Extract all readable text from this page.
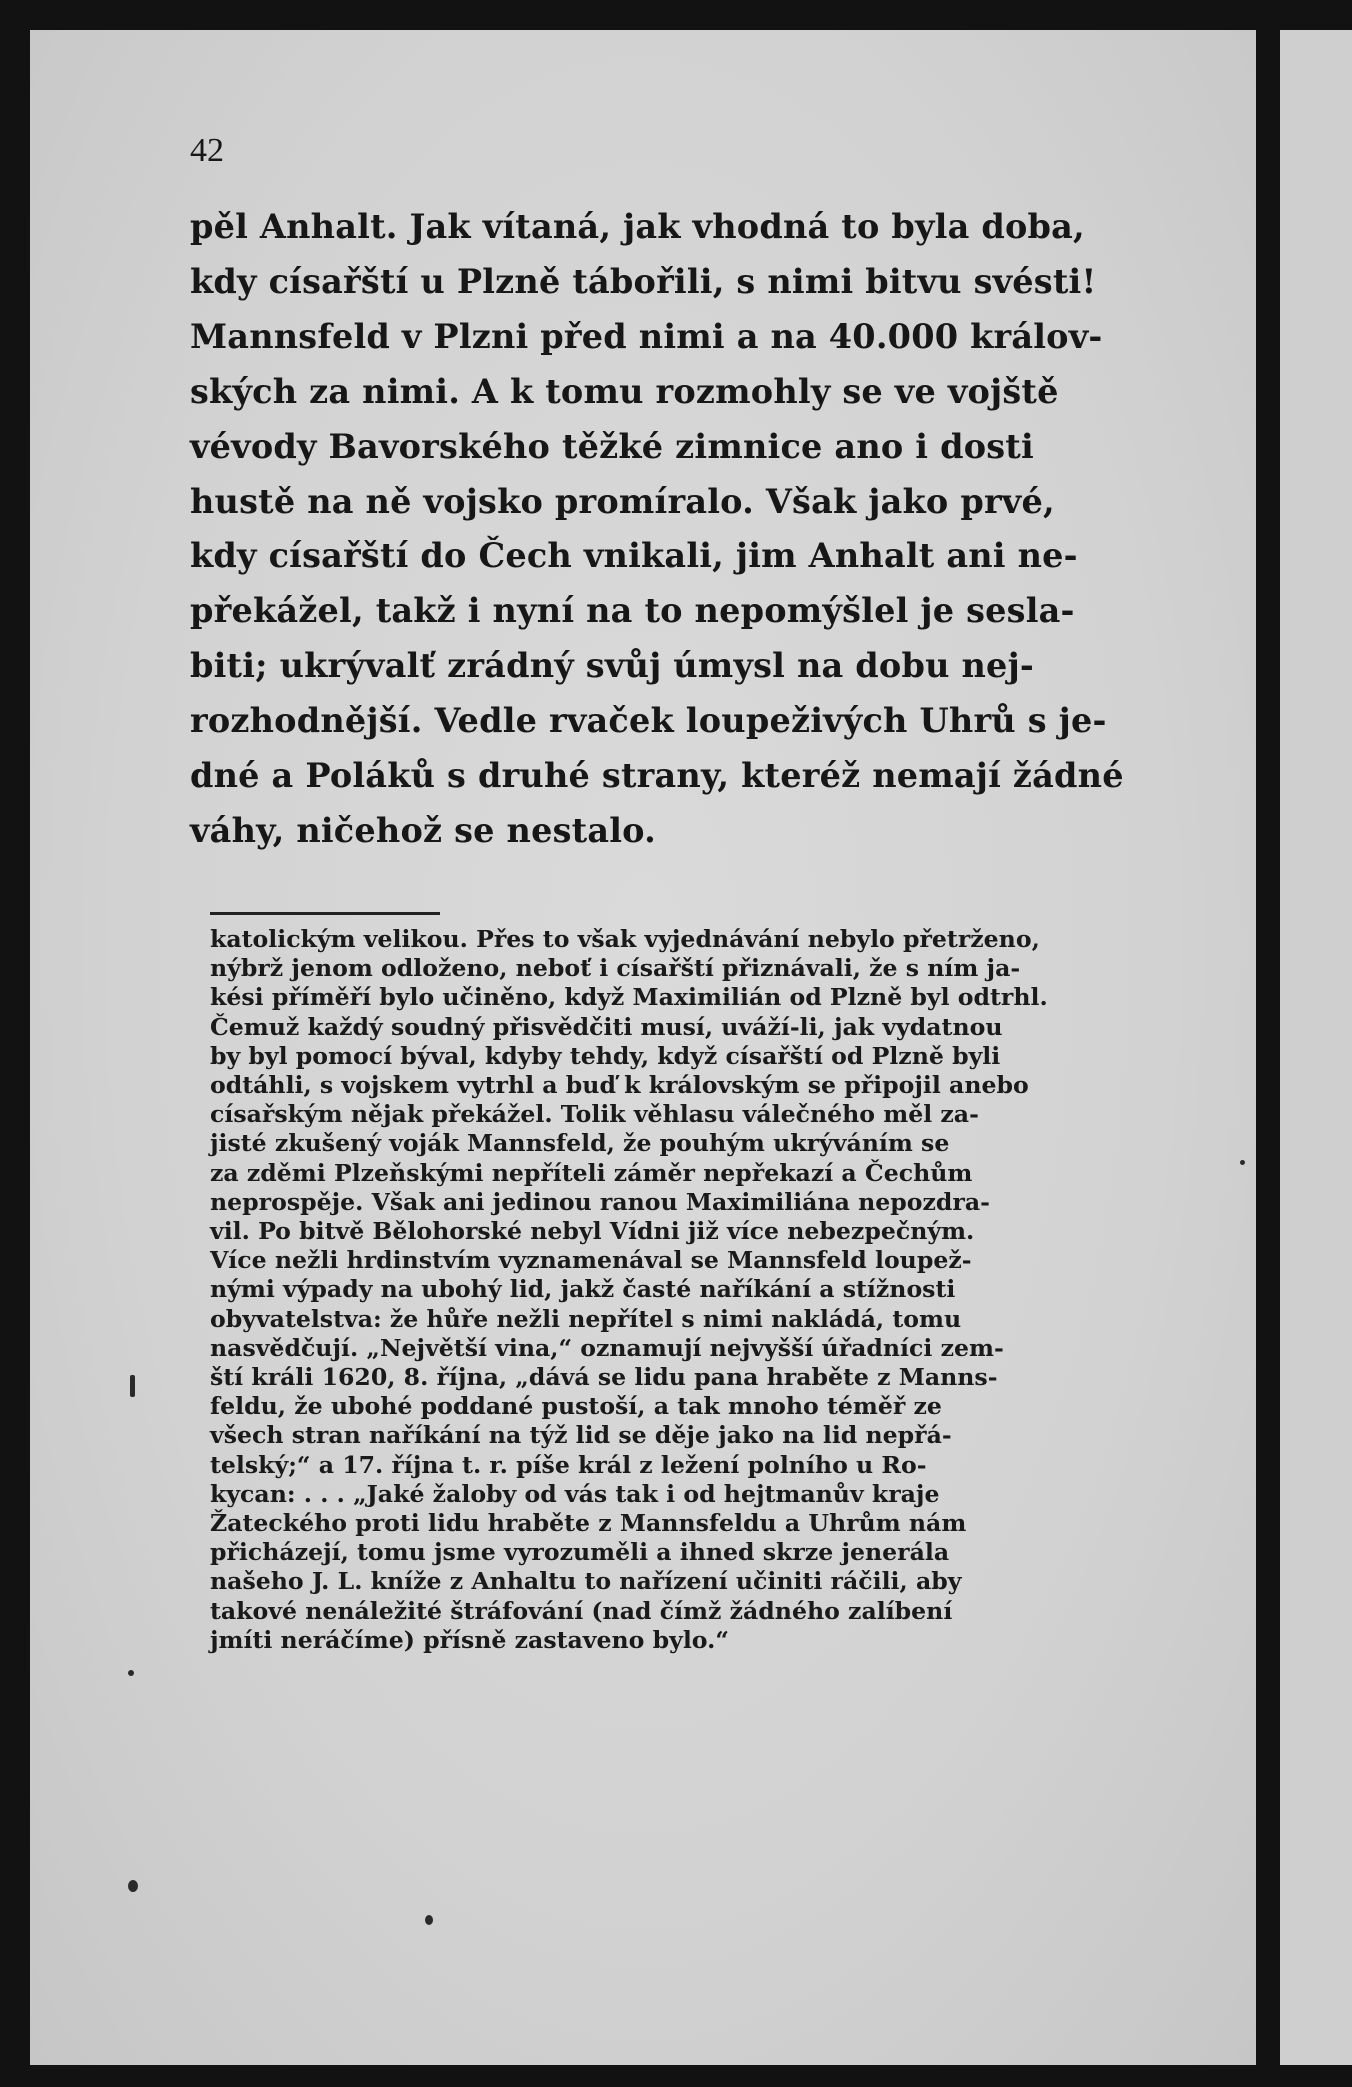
42

pěl Anhalt. Jak vítaná, jak vhodná to byla doba,
kdy císařští u Plzně tábořili, s nimi bitvu svésti!
Mannsfeld v Plzni před nimi a na 40.000 králov-
ských za nimi. A k tomu rozmohly se ve vojště
vévody Bavorského těžké zimnice ano i dosti
hustě na ně vojsko promíralo. Však jako prvé,
kdy císařští do Čech vnikali, jim Anhalt ani ne-
překážel, takž i nyní na to nepomýšlel je seslа-
biti; ukrývalť zrádný svůj úmysl na dobu nej-
rozhodnější. Vedle rvaček loupeživých Uhrů s je-
dné a Poláků s druhé strany, kteréž nemají žádné
váhy, ničehož se nestalo.
katolickým velikou. Přes to však vyjednávání nebylo přetrženo,
nýbrž jenom odloženo, neboť i císařští přiznávali, že s ním ja-
kési příměří bylo učiněno, když Maximilián od Plzně byl odtrhl.
Čemuž každý soudný přisvědčiti musí, uváží-li, jak vydatnou
by byl pomocí býval, kdyby tehdy, když císařští od Plzně byli
odtáhli, s vojskem vytrhl a buď k královským se připojil anebo
císařským nějak překážel. Tolik věhlasu válečného měl za-
jisté zkušený voják Mannsfeld, že pouhým ukrýváním se
za zděmi Plzeňskými nepříteli záměr nepřekazí a Čechům
neprospěje. Však ani jedinou ranou Maximiliána nepozdra-
vil. Po bitvě Bělohorské nebyl Vídni již více nebezpečným.
Více nežli hrdinstvím vyznamenával se Mannsfeld loupež-
nými výpady na ubohý lid, jakž časté naříkání a stížnosti
obyvatelstva: že hůře nežli nepřítel s nimi nakládá, tomu
nasvědčují. „Největší vina,“ oznamují nejvyšší úřadníci zem-
ští králi 1620, 8. října, „dává se lidu pana hraběte z Manns-
feldu, že ubohé poddané pustoší, a tak mnoho téměř ze
všech stran naříkání na týž lid se děje jako na lid nepřá-
telský;“ a 17. října t. r. píše král z ležení polního u Ro-
kycan: . . . „Jaké žaloby od vás tak i od hejtmanův kraje
Žateckého proti lidu hraběte z Mannsfeldu a Uhrům nám
přicházejí, tomu jsme vyrozuměli a ihned skrze jenerála
našeho J. L. kníže z Anhaltu to nařízení učiniti ráčili, aby
takové nenáležité štráfování (nad čímž žádného zalíbení
jmíti neráčíme) přísně zastaveno bylo.“
